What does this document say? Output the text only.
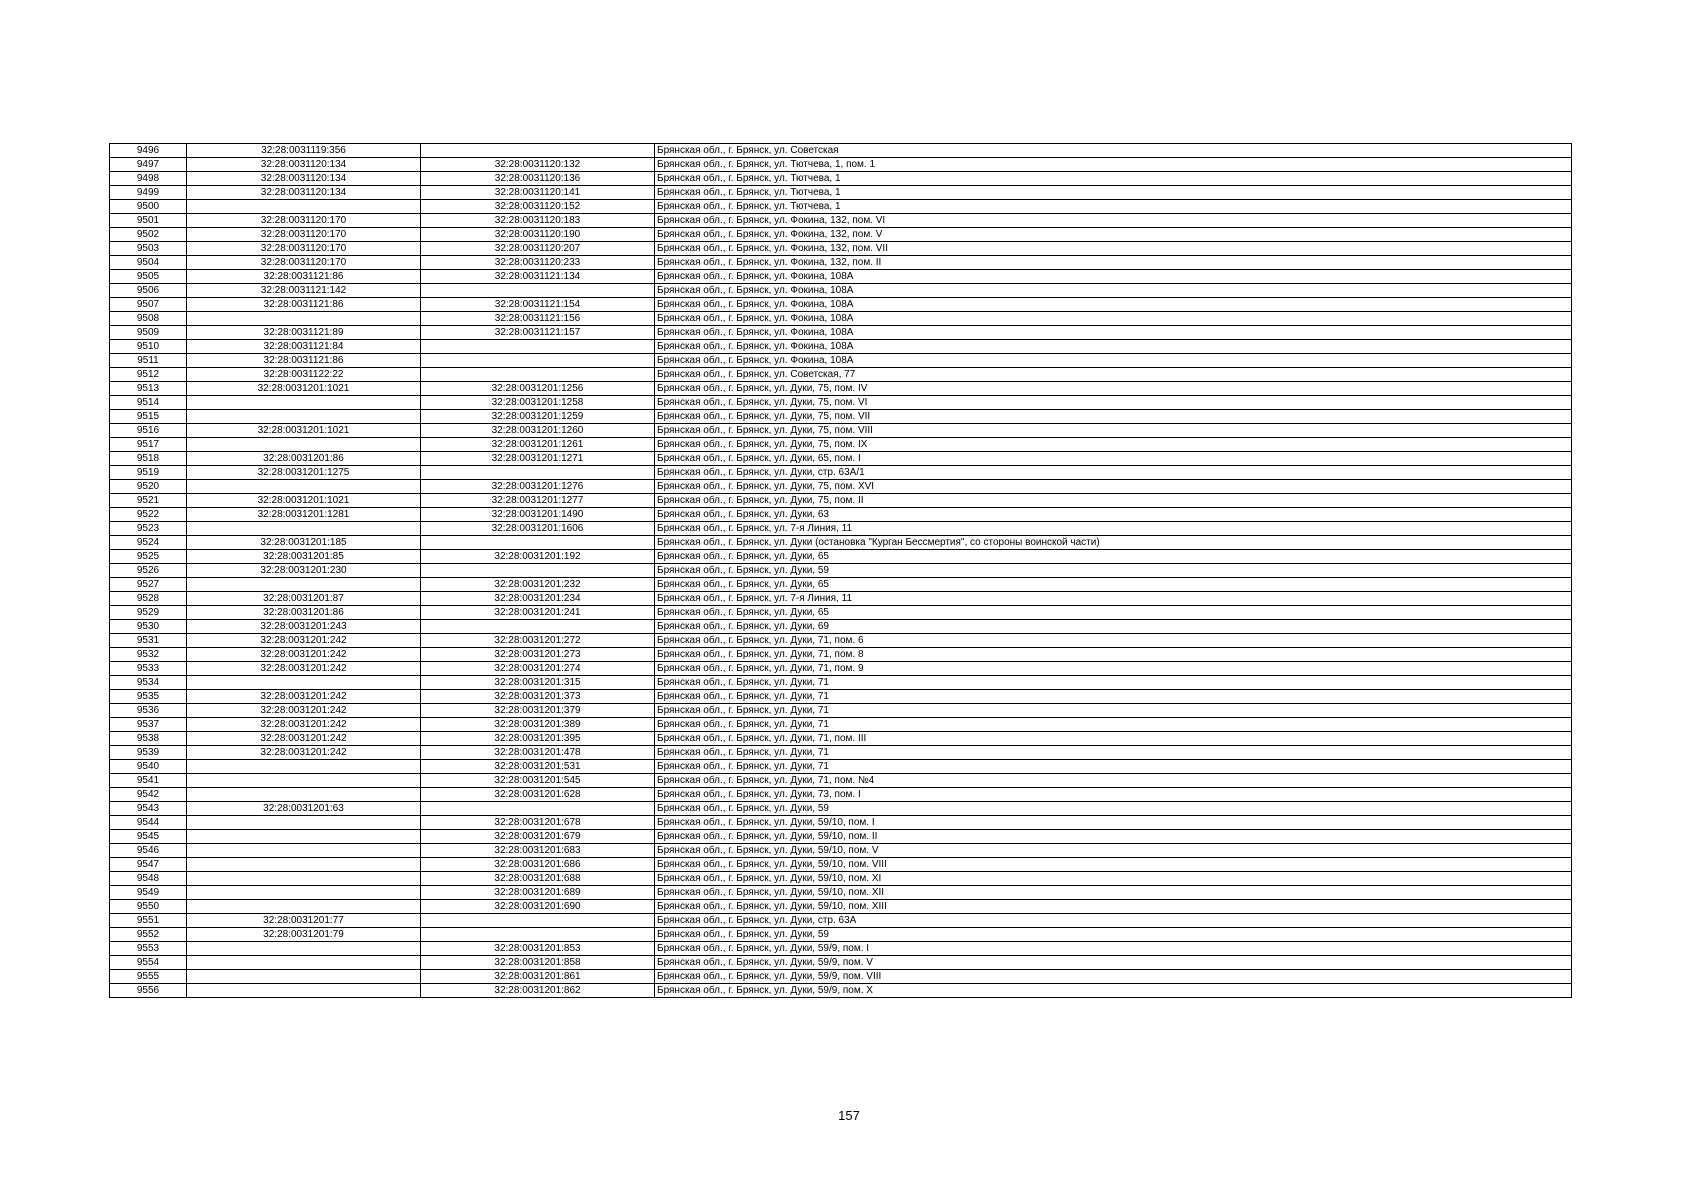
9496	32:28:0031119:356		Брянская обл., г. Брянск, ул. Советская
9497	32:28:0031120:134	32:28:0031120:132	Брянская обл., г. Брянск, ул. Тютчева, 1, пом. 1
9498	32:28:0031120:134	32:28:0031120:136	Брянская обл., г. Брянск, ул. Тютчева, 1
9499	32:28:0031120:134	32:28:0031120:141	Брянская обл., г. Брянск, ул. Тютчева, 1
9500		32:28:0031120:152	Брянская обл., г. Брянск, ул. Тютчева, 1
9501	32:28:0031120:170	32:28:0031120:183	Брянская обл., г. Брянск, ул. Фокина, 132, пом. VI
9502	32:28:0031120:170	32:28:0031120:190	Брянская обл., г. Брянск, ул. Фокина, 132, пом. V
9503	32:28:0031120:170	32:28:0031120:207	Брянская обл., г. Брянск, ул. Фокина, 132, пом. VII
9504	32:28:0031120:170	32:28:0031120:233	Брянская обл., г. Брянск, ул. Фокина, 132, пом. II
9505	32:28:0031121:86	32:28:0031121:134	Брянская обл., г. Брянск, ул. Фокина, 108А
9506	32:28:0031121:142		Брянская обл., г. Брянск, ул. Фокина, 108А
9507	32:28:0031121:86	32:28:0031121:154	Брянская обл., г. Брянск, ул. Фокина, 108А
9508		32:28:0031121:156	Брянская обл., г. Брянск, ул. Фокина, 108А
9509	32:28:0031121:89	32:28:0031121:157	Брянская обл., г. Брянск, ул. Фокина, 108А
9510	32:28:0031121:84		Брянская обл., г. Брянск, ул. Фокина, 108А
9511	32:28:0031121:86		Брянская обл., г. Брянск, ул. Фокина, 108А
9512	32:28:0031122:22		Брянская обл., г. Брянск, ул. Советская, 77
9513	32:28:0031201:1021	32:28:0031201:1256	Брянская обл., г. Брянск, ул. Дуки, 75, пом. IV
9514		32:28:0031201:1258	Брянская обл., г. Брянск, ул. Дуки, 75, пом. VI
9515		32:28:0031201:1259	Брянская обл., г. Брянск, ул. Дуки, 75, пом. VII
9516	32:28:0031201:1021	32:28:0031201:1260	Брянская обл., г. Брянск, ул. Дуки, 75, пом. VIII
9517		32:28:0031201:1261	Брянская обл., г. Брянск, ул. Дуки, 75, пом. IX
9518	32:28:0031201:86	32:28:0031201:1271	Брянская обл., г. Брянск, ул. Дуки, 65, пом. I
9519	32:28:0031201:1275		Брянская обл., г. Брянск, ул. Дуки, стр. 63А/1
9520		32:28:0031201:1276	Брянская обл., г. Брянск, ул. Дуки, 75, пом. XVI
9521	32:28:0031201:1021	32:28:0031201:1277	Брянская обл., г. Брянск, ул. Дуки, 75, пом. II
9522	32:28:0031201:1281	32:28:0031201:1490	Брянская обл., г. Брянск, ул. Дуки, 63
9523		32:28:0031201:1606	Брянская обл., г. Брянск, ул. 7-я Линия, 11
9524	32:28:0031201:185		Брянская обл., г. Брянск, ул. Дуки (остановка "Курган Бессмертия", со стороны воинской части)
9525	32:28:0031201:85	32:28:0031201:192	Брянская обл., г. Брянск, ул. Дуки, 65
9526	32:28:0031201:230		Брянская обл., г. Брянск, ул. Дуки, 59
9527		32:28:0031201:232	Брянская обл., г. Брянск, ул. Дуки, 65
9528	32:28:0031201:87	32:28:0031201:234	Брянская обл., г. Брянск, ул. 7-я Линия, 11
9529	32:28:0031201:86	32:28:0031201:241	Брянская обл., г. Брянск, ул. Дуки, 65
9530	32:28:0031201:243		Брянская обл., г. Брянск, ул. Дуки, 69
9531	32:28:0031201:242	32:28:0031201:272	Брянская обл., г. Брянск, ул. Дуки, 71, пом. 6
9532	32:28:0031201:242	32:28:0031201:273	Брянская обл., г. Брянск, ул. Дуки, 71, пом. 8
9533	32:28:0031201:242	32:28:0031201:274	Брянская обл., г. Брянск, ул. Дуки, 71, пом. 9
9534		32:28:0031201:315	Брянская обл., г. Брянск, ул. Дуки, 71
9535	32:28:0031201:242	32:28:0031201:373	Брянская обл., г. Брянск, ул. Дуки, 71
9536	32:28:0031201:242	32:28:0031201:379	Брянская обл., г. Брянск, ул. Дуки, 71
9537	32:28:0031201:242	32:28:0031201:389	Брянская обл., г. Брянск, ул. Дуки, 71
9538	32:28:0031201:242	32:28:0031201:395	Брянская обл., г. Брянск, ул. Дуки, 71, пом. III
9539	32:28:0031201:242	32:28:0031201:478	Брянская обл., г. Брянск, ул. Дуки, 71
9540		32:28:0031201:531	Брянская обл., г. Брянск, ул. Дуки, 71
9541		32:28:0031201:545	Брянская обл., г. Брянск, ул. Дуки, 71, пом. №4
9542		32:28:0031201:628	Брянская обл., г. Брянск, ул. Дуки, 73, пом. I
9543	32:28:0031201:63		Брянская обл., г. Брянск, ул. Дуки, 59
9544		32:28:0031201:678	Брянская обл., г. Брянск, ул. Дуки, 59/10, пом. I
9545		32:28:0031201:679	Брянская обл., г. Брянск, ул. Дуки, 59/10, пом. II
9546		32:28:0031201:683	Брянская обл., г. Брянск, ул. Дуки, 59/10, пом. V
9547		32:28:0031201:686	Брянская обл., г. Брянск, ул. Дуки, 59/10, пом. VIII
9548		32:28:0031201:688	Брянская обл., г. Брянск, ул. Дуки, 59/10, пом. XI
9549		32:28:0031201:689	Брянская обл., г. Брянск, ул. Дуки, 59/10, пом. XII
9550		32:28:0031201:690	Брянская обл., г. Брянск, ул. Дуки, 59/10, пом. XIII
9551	32:28:0031201:77		Брянская обл., г. Брянск, ул. Дуки, стр. 63А
9552	32:28:0031201:79		Брянская обл., г. Брянск, ул. Дуки, 59
9553		32:28:0031201:853	Брянская обл., г. Брянск, ул. Дуки, 59/9, пом. I
9554		32:28:0031201:858	Брянская обл., г. Брянск, ул. Дуки, 59/9, пом. V
9555		32:28:0031201:861	Брянская обл., г. Брянск, ул. Дуки, 59/9, пом. VIII
9556		32:28:0031201:862	Брянская обл., г. Брянск, ул. Дуки, 59/9, пом. X
157
